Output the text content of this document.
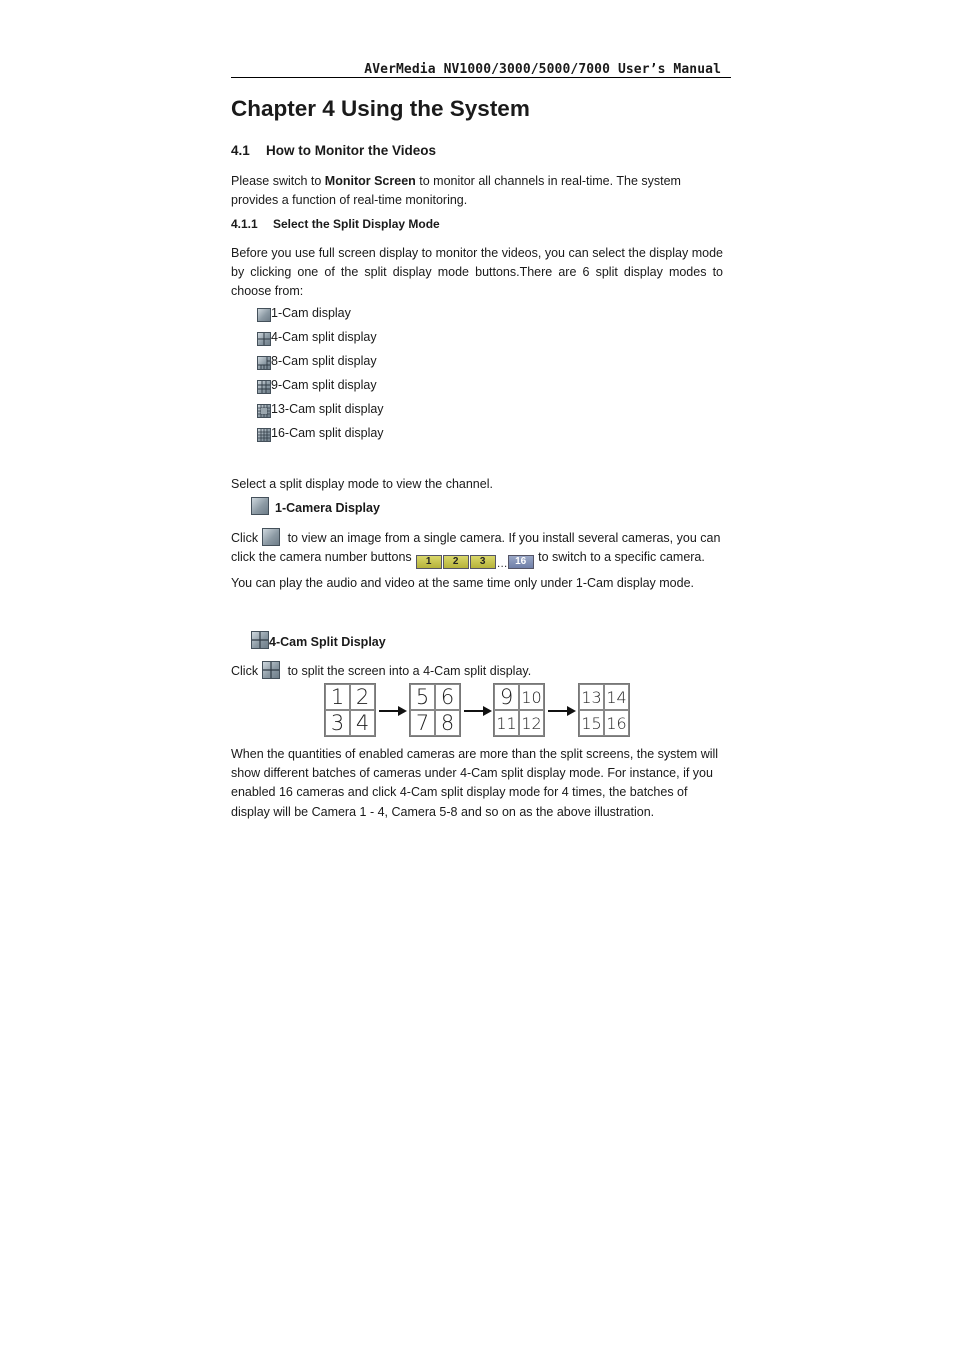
AVerMedia NV1000/3000/5000/7000 User’s Manual
Chapter 4 Using the System
4.1 How to Monitor the Videos

Please switch to Monitor Screen to monitor all channels in real-time. The system provides a function of real-time monitoring.

4.1.1 Select the Split Display Mode

Before you use full screen display to monitor the videos, you can select the display mode by clicking one of the split display mode buttons.There are 6 split display modes to choose from:

1-Cam display
4-Cam split display
8-Cam split display
9-Cam split display
13-Cam split display
16-Cam split display

Select a split display mode to view the channel.

1-Camera Display

Click to view an image from a single camera. If you install several cameras, you can click the camera number buttons	1	2	3	… 16 to switch to a specific camera. You can play the audio and video at the same time only under 1-Cam display mode.

4-Cam Split Display

Click to split the screen into a 4-Cam split display.

1 2
3 4
5 6
7 8
9 10
11 12
13 14
15 16

When the quantities of enabled cameras are more than the split screens, the system will show different batches of cameras under 4-Cam split display mode. For instance, if you enabled 16 cameras and click 4-Cam split display mode for 4 times, the batches of display will be Camera 1 - 4, Camera 5-8 and so on as the above illustration.
